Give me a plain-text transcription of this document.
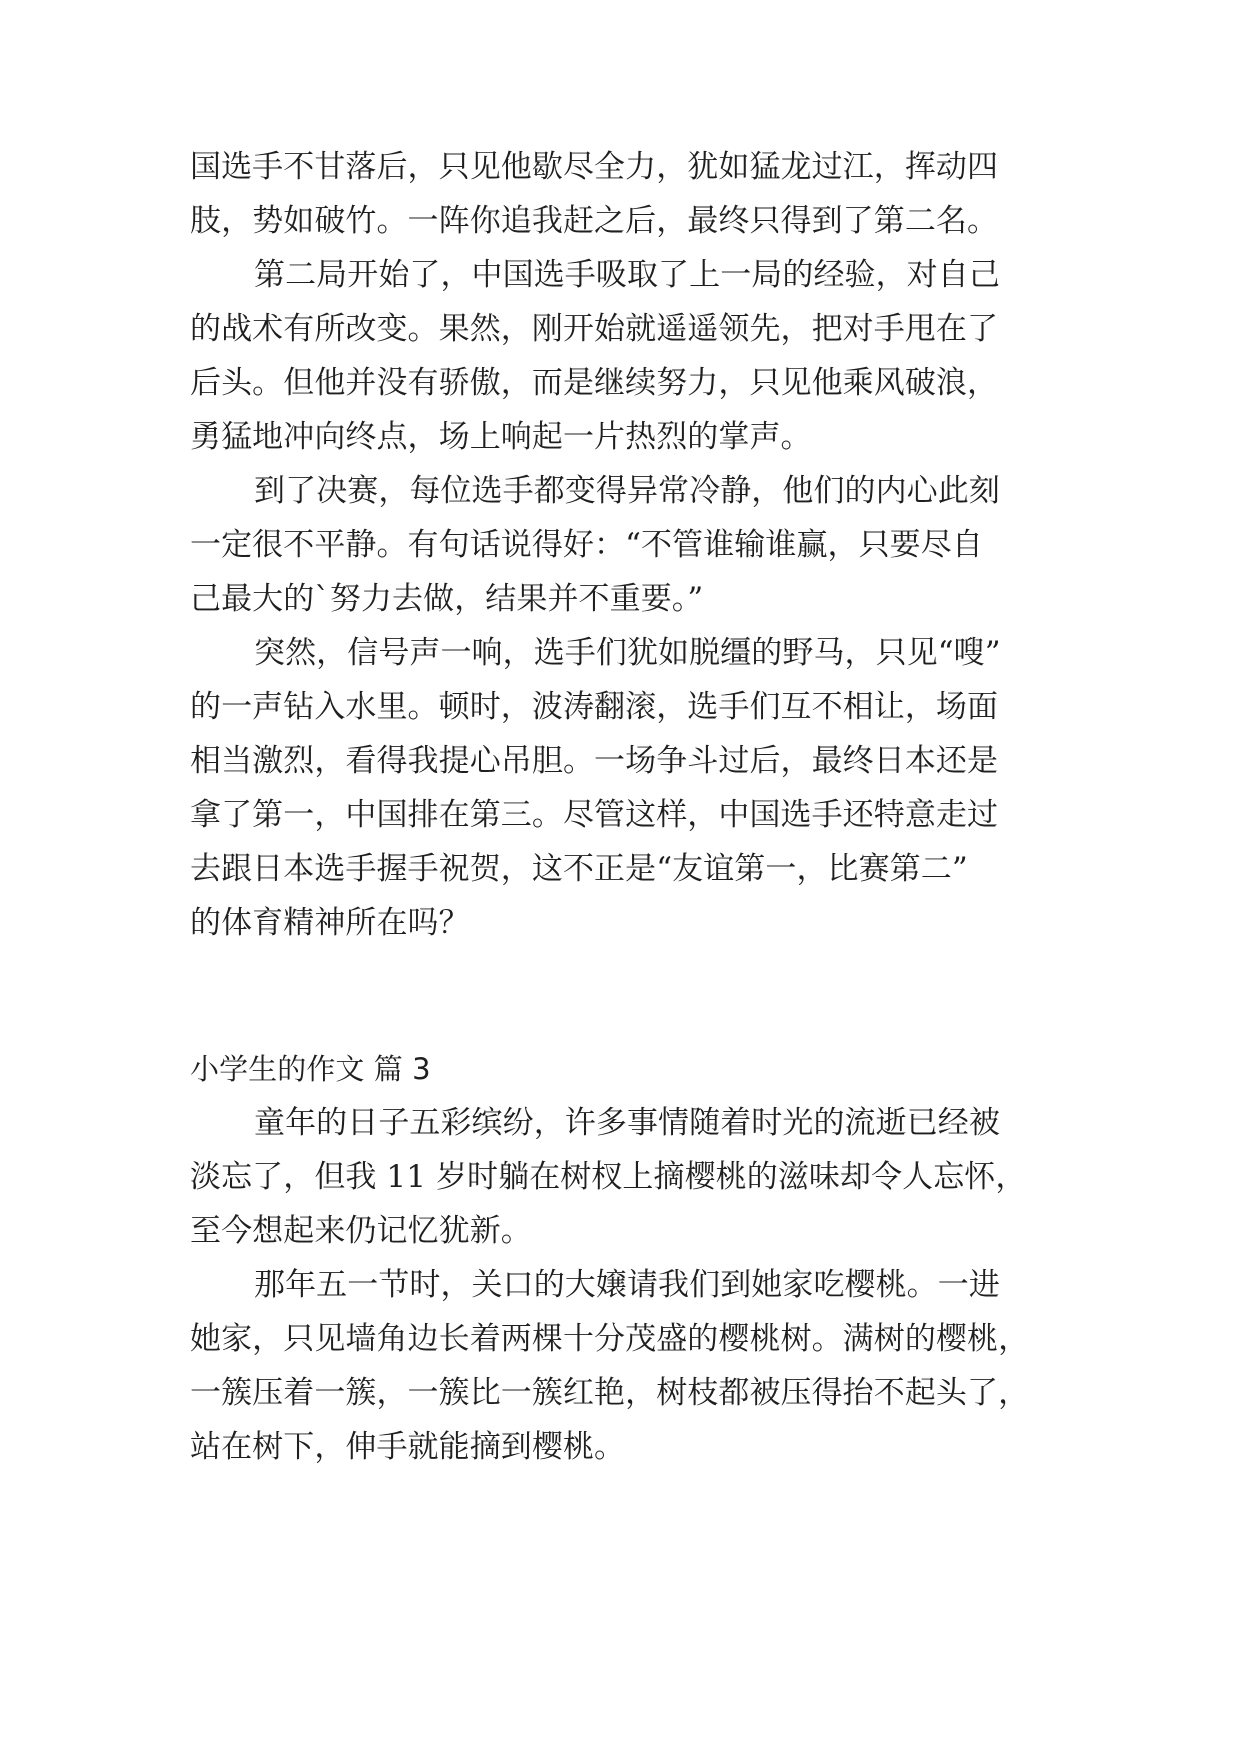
国选手不甘落后，只见他歇尽全力，犹如猛龙过江，挥动四
肢，势如破竹。一阵你追我赶之后，最终只得到了第二名。
第二局开始了，中国选手吸取了上一局的经验，对自己
的战术有所改变。果然，刚开始就遥遥领先，把对手甩在了
后头。但他并没有骄傲，而是继续努力，只见他乘风破浪，
勇猛地冲向终点，场上响起一片热烈的掌声。
到了决赛，每位选手都变得异常冷静，他们的内心此刻
一定很不平静。有句话说得好：“不管谁输谁赢，只要尽自
己最大的`努力去做，结果并不重要。”
突然，信号声一响，选手们犹如脱缰的野马，只见“嗖”
的一声钻入水里。顿时，波涛翻滚，选手们互不相让，场面
相当激烈，看得我提心吊胆。一场争斗过后，最终日本还是
拿了第一，中国排在第三。尽管这样，中国选手还特意走过
去跟日本选手握手祝贺，这不正是“友谊第一，比赛第二”
的体育精神所在吗？
小学生的作文 篇 3
童年的日子五彩缤纷，许多事情随着时光的流逝已经被
淡忘了，但我 11 岁时躺在树杈上摘樱桃的滋味却令人忘怀，
至今想起来仍记忆犹新。
那年五一节时，关口的大嬢请我们到她家吃樱桃。一进
她家，只见墙角边长着两棵十分茂盛的樱桃树。满树的樱桃，
一簇压着一簇，一簇比一簇红艳，树枝都被压得抬不起头了，
站在树下，伸手就能摘到樱桃。
